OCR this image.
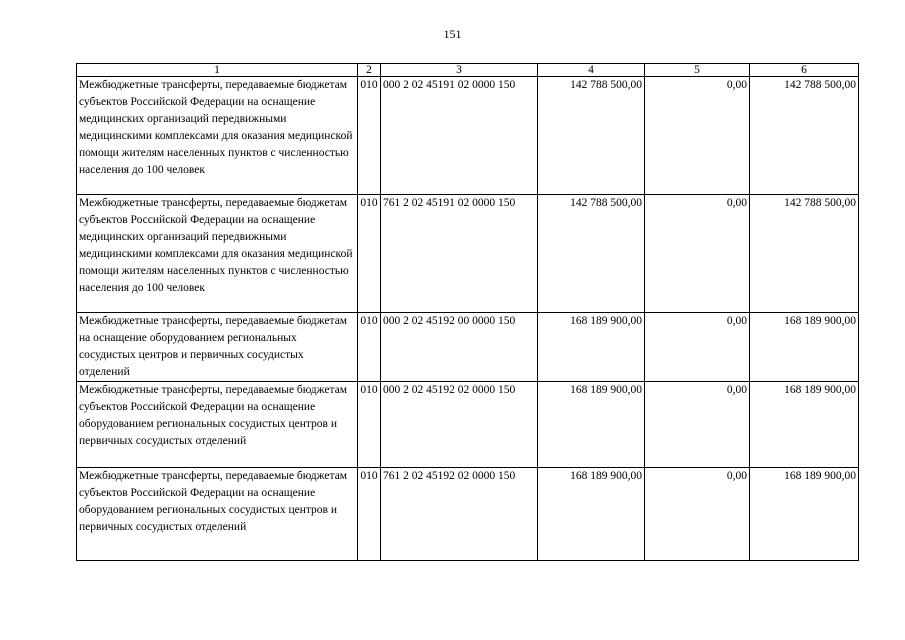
151
1	2	3	4	5	6
Межбюджетные трансферты, передаваемые бюджетам субъектов Российской Федерации на оснащение медицинских организаций передвижными медицинскими комплексами для оказания медицинской помощи жителям населенных пунктов с численностью населения до 100 человек	010	000 2 02 45191 02 0000 150	142 788 500,00	0,00	142 788 500,00
Межбюджетные трансферты, передаваемые бюджетам субъектов Российской Федерации на оснащение медицинских организаций передвижными медицинскими комплексами для оказания медицинской помощи жителям населенных пунктов с численностью населения до 100 человек	010	761 2 02 45191 02 0000 150	142 788 500,00	0,00	142 788 500,00
Межбюджетные трансферты, передаваемые бюджетам на оснащение оборудованием региональных сосудистых центров и первичных сосудистых отделений	010	000 2 02 45192 00 0000 150	168 189 900,00	0,00	168 189 900,00
Межбюджетные трансферты, передаваемые бюджетам субъектов Российской Федерации на оснащение оборудованием региональных сосудистых центров и первичных сосудистых отделений	010	000 2 02 45192 02 0000 150	168 189 900,00	0,00	168 189 900,00
Межбюджетные трансферты, передаваемые бюджетам субъектов Российской Федерации на оснащение оборудованием региональных сосудистых центров и первичных сосудистых отделений	010	761 2 02 45192 02 0000 150	168 189 900,00	0,00	168 189 900,00
